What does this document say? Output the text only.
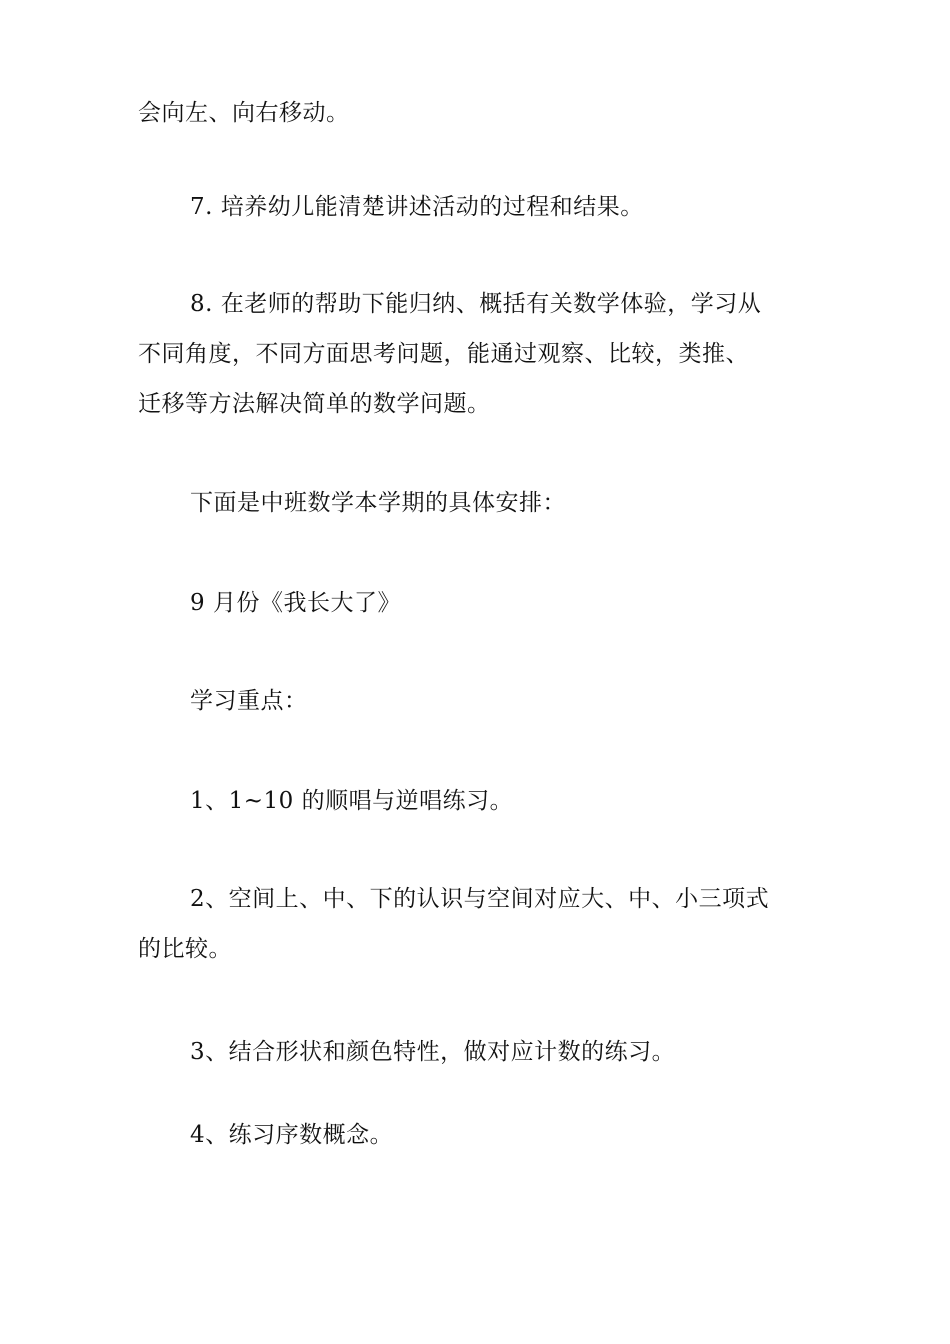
会向左、向右移动。
7. 培养幼儿能清楚讲述活动的过程和结果。
8. 在老师的帮助下能归纳、概括有关数学体验，学习从
不同角度，不同方面思考问题，能通过观察、比较，类推、
迁移等方法解决简单的数学问题。
下面是中班数学本学期的具体安排：
9 月份《我长大了》
学习重点：
1、1~10 的顺唱与逆唱练习。
2、空间上、中、下的认识与空间对应大、中、小三项式
的比较。
3、结合形状和颜色特性，做对应计数的练习。
4、练习序数概念。
